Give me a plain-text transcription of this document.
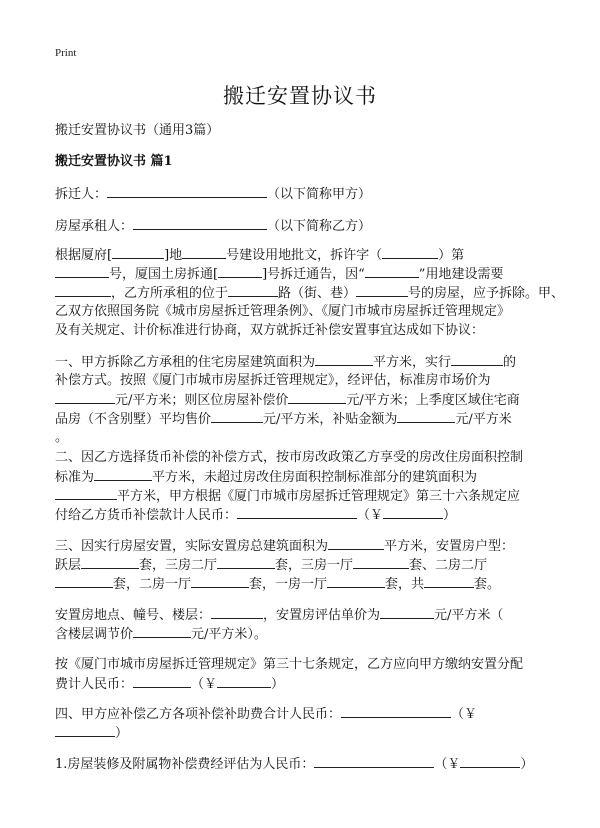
Print
搬迁安置协议书
搬迁安置协议书（通用3篇）
搬迁安置协议书 篇1
拆迁人：	（以下简称甲方）
房屋承租人：	（以下简称乙方）
根据厦府[	]地	号建设用地批文，拆许字（	）第
号，厦国土房拆通[	]号拆迁通告，因“	”用地建设需要
，乙方所承租的位于	路（街、巷）	号的房屋，应予拆除。甲、
乙双方依照国务院《城市房屋拆迁管理条例》、《厦门市城市房屋拆迁管理规定》
及有关规定、计价标准进行协商，双方就拆迁补偿安置事宜达成如下协议：
一、甲方拆除乙方承租的住宅房屋建筑面积为	平方米，实行	的
补偿方式。按照《厦门市城市房屋拆迁管理规定》，经评估，标准房市场价为
元/平方米；则区位房屋补偿价	元/平方米；上季度区域住宅商
品房（不含别墅）平均售价	元/平方米，补贴金额为	元/平方米
。
二、因乙方选择货币补偿的补偿方式，按市房改政策乙方享受的房改住房面积控制
标准为	平方米，未超过房改住房面积控制标准部分的建筑面积为
平方米，甲方根据《厦门市城市房屋拆迁管理规定》第三十六条规定应
付给乙方货币补偿款计人民币：	（￥	）
三、因实行房屋安置，实际安置房总建筑面积为	平方米，安置房户型：
跃层	套，三房二厅	套，三房一厅	套、二房二厅
套，二房一厅	套，一房一厅	套，共	套。
安置房地点、幢号、楼层：	，安置房评估单价为	元/平方米（
含楼层调节价	元/平方米）。
按《厦门市城市房屋拆迁管理规定》第三十七条规定，乙方应向甲方缴纳安置分配
费计人民币：	（￥	）
四、甲方应补偿乙方各项补偿补助费合计人民币：	（￥
）
1.房屋装修及附属物补偿费经评估为人民币：	（￥	）
